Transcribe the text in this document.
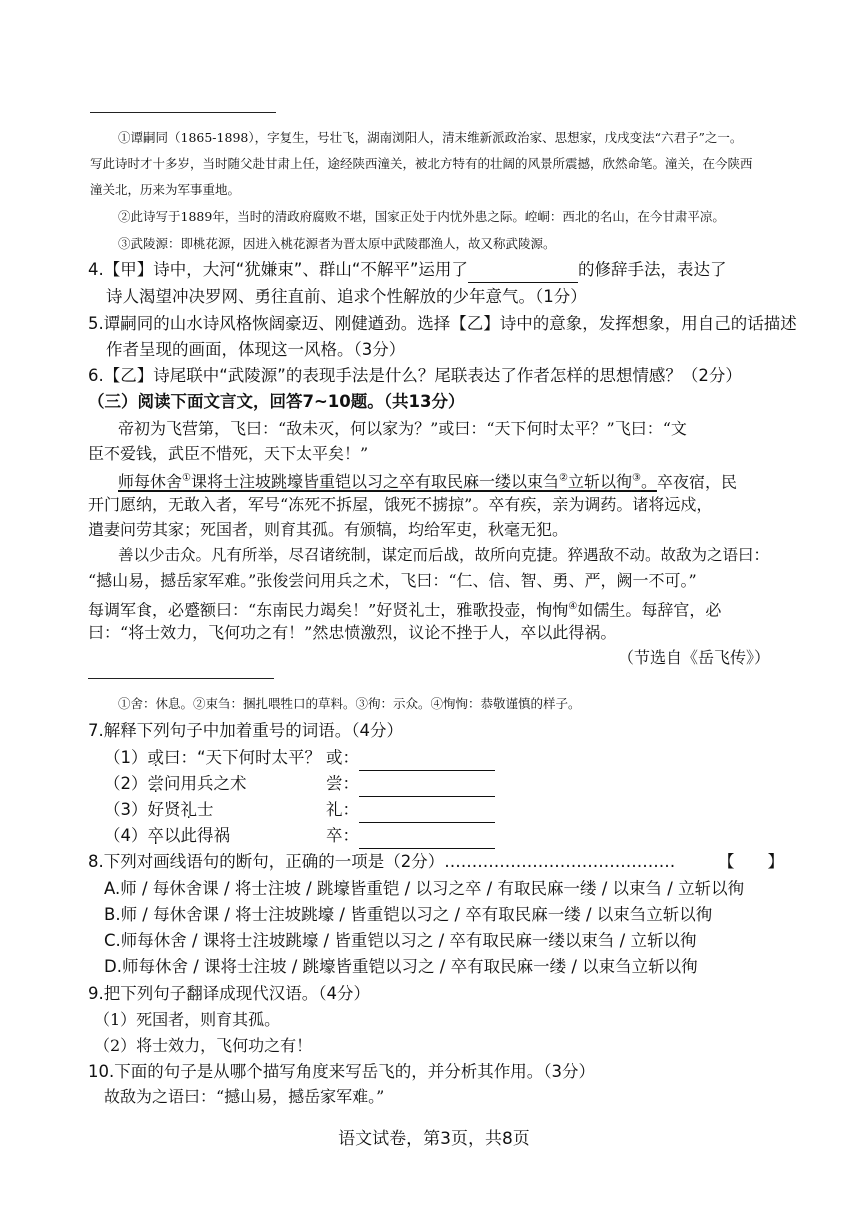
①谭嗣同（1865-1898），字复生，号壮飞，湖南浏阳人，清末维新派政治家、思想家，戊戌变法“六君子”之一。
写此诗时才十多岁，当时随父赴甘肃上任，途经陕西潼关，被北方特有的壮阔的风景所震撼，欣然命笔。潼关，在今陕西
潼关北，历来为军事重地。
②此诗写于1889年，当时的清政府腐败不堪，国家正处于内忧外患之际。崆峒：西北的名山，在今甘肃平凉。
③武陵源：即桃花源，因进入桃花源者为晋太原中武陵郡渔人，故又称武陵源。
4.【甲】诗中，大河“犹嫌束”、群山“不解平”运用了	的修辞手法，表达了
诗人渴望冲决罗网、勇往直前、追求个性解放的少年意气。（1分）
5.谭嗣同的山水诗风格恢阔豪迈、刚健遒劲。选择【乙】诗中的意象，发挥想象，用自己的话描述
作者呈现的画面，体现这一风格。（3分）
6.【乙】诗尾联中“武陵源”的表现手法是什么？尾联表达了作者怎样的思想情感？（2分）
（三）阅读下面文言文，回答7~10题。（共13分）
帝初为飞营第，飞曰：“敌未灭，何以家为？”或曰：“天下何时太平？”飞曰：“文
臣不爱钱，武臣不惜死，天下太平矣！”
师每休舍①课将士注坡跳壕皆重铠以习之卒有取民麻一缕以束刍②立斩以徇③。卒夜宿，民
开门愿纳，无敢入者，军号“冻死不拆屋，饿死不掳掠”。卒有疾，亲为调药。诸将远戍，
遣妻问劳其家；死国者，则育其孤。有颁犒，均给军吏，秋毫无犯。
善以少击众。凡有所举，尽召诸统制，谋定而后战，故所向克捷。猝遇敌不动。故敌为之语曰：
“撼山易，撼岳家军难。”张俊尝问用兵之术，飞曰：“仁、信、智、勇、严，阙一不可。”
每调军食，必蹙额曰：“东南民力竭矣！”好贤礼士，雅歌投壶，恂恂④如儒生。每辞官，必
曰：“将士效力，飞何功之有！”然忠愤激烈，议论不挫于人，卒以此得祸。
（节选自《岳飞传》）
①舍：休息。②束刍：捆扎喂牲口的草料。③徇：示众。④恂恂：恭敬谨慎的样子。
7.解释下列句子中加着重号的词语。（4分）
（1）或曰：“天下何时太平？ 或：
（2）尝问用兵之术	尝：
（3）好贤礼士	礼：
（4）卒以此得祸	卒：
8.下列对画线语句的断句，正确的一项是（2分）……………………………………	【　　】
A.师 / 每休舍课 / 将士注坡 / 跳壕皆重铠 / 以习之卒 / 有取民麻一缕 / 以束刍 / 立斩以徇
B.师 / 每休舍课 / 将士注坡跳壕 / 皆重铠以习之 / 卒有取民麻一缕 / 以束刍立斩以徇
C.师每休舍 / 课将士注坡跳壕 / 皆重铠以习之 / 卒有取民麻一缕以束刍 / 立斩以徇
D.师每休舍 / 课将士注坡 / 跳壕皆重铠以习之 / 卒有取民麻一缕 / 以束刍立斩以徇
9.把下列句子翻译成现代汉语。（4分）
（1）死国者，则育其孤。
（2）将士效力，飞何功之有！
10.下面的句子是从哪个描写角度来写岳飞的，并分析其作用。（3分）
故敌为之语曰：“撼山易，撼岳家军难。”
语文试卷，第3页，共8页
